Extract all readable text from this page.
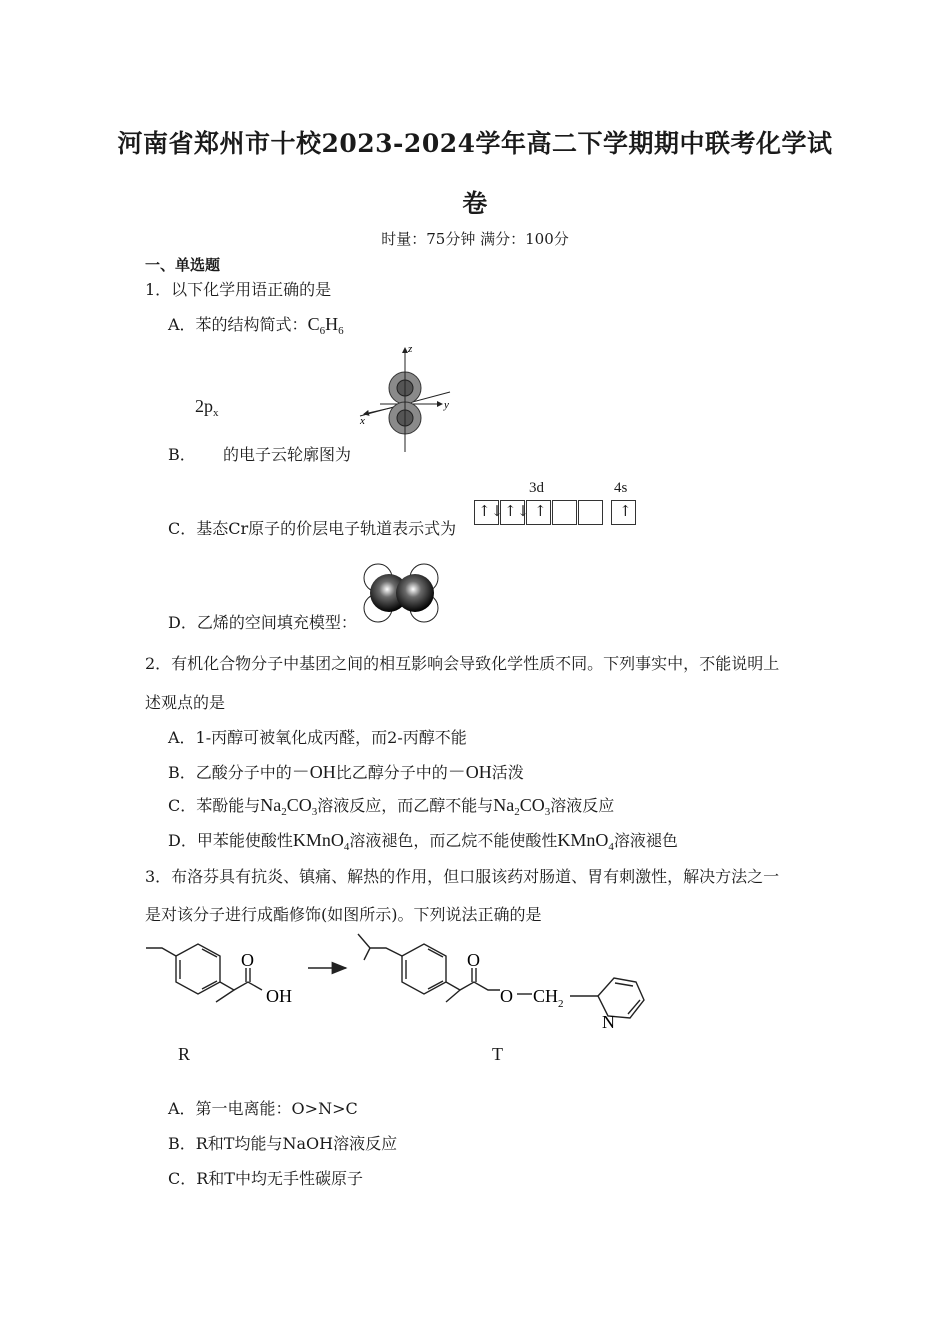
河南省郑州市十校2023-2024学年高二下学期期中联考化学试
卷
时量：75分钟 满分：100分
一、单选题
1．以下化学用语正确的是
A．苯的结构简式：$C_6H_6$
$2p_x$
B． 的电子云轮廓图为
z
y
x
C．基态Cr原子的价层电子轨道表示式为
3d	4s
↑↓ ↑↓ ↑	↑
D．乙烯的空间填充模型：
2．有机化合物分子中基团之间的相互影响会导致化学性质不同。下列事实中，不能 · ·说明上
述观点的是
A．1-丙醇可被氧化成丙醛，而2-丙醇不能
B．乙酸分子中的－OH比乙醇分子中的－OH活泼
C．苯酚能与$Na_2CO_3$溶液反应，而乙醇不能与$Na_2CO_3$溶液反应
D．甲苯能使酸性KMnO$_4$溶液褪色，而乙烷不能使酸性KMnO$_4$溶液褪色
3．布洛芬具有抗炎、镇痛、解热的作用，但口服该药对肠道、胃有刺激性，解决方法之一
是对该分子进行成酯修饰(如图所示)。下列说法正确的是
O
OH
O
O $CH_2$
N
R	T
A．第一电离能：O>N>C
B．R和T均能与NaOH溶液反应
C．R和T中均无手性碳原子
